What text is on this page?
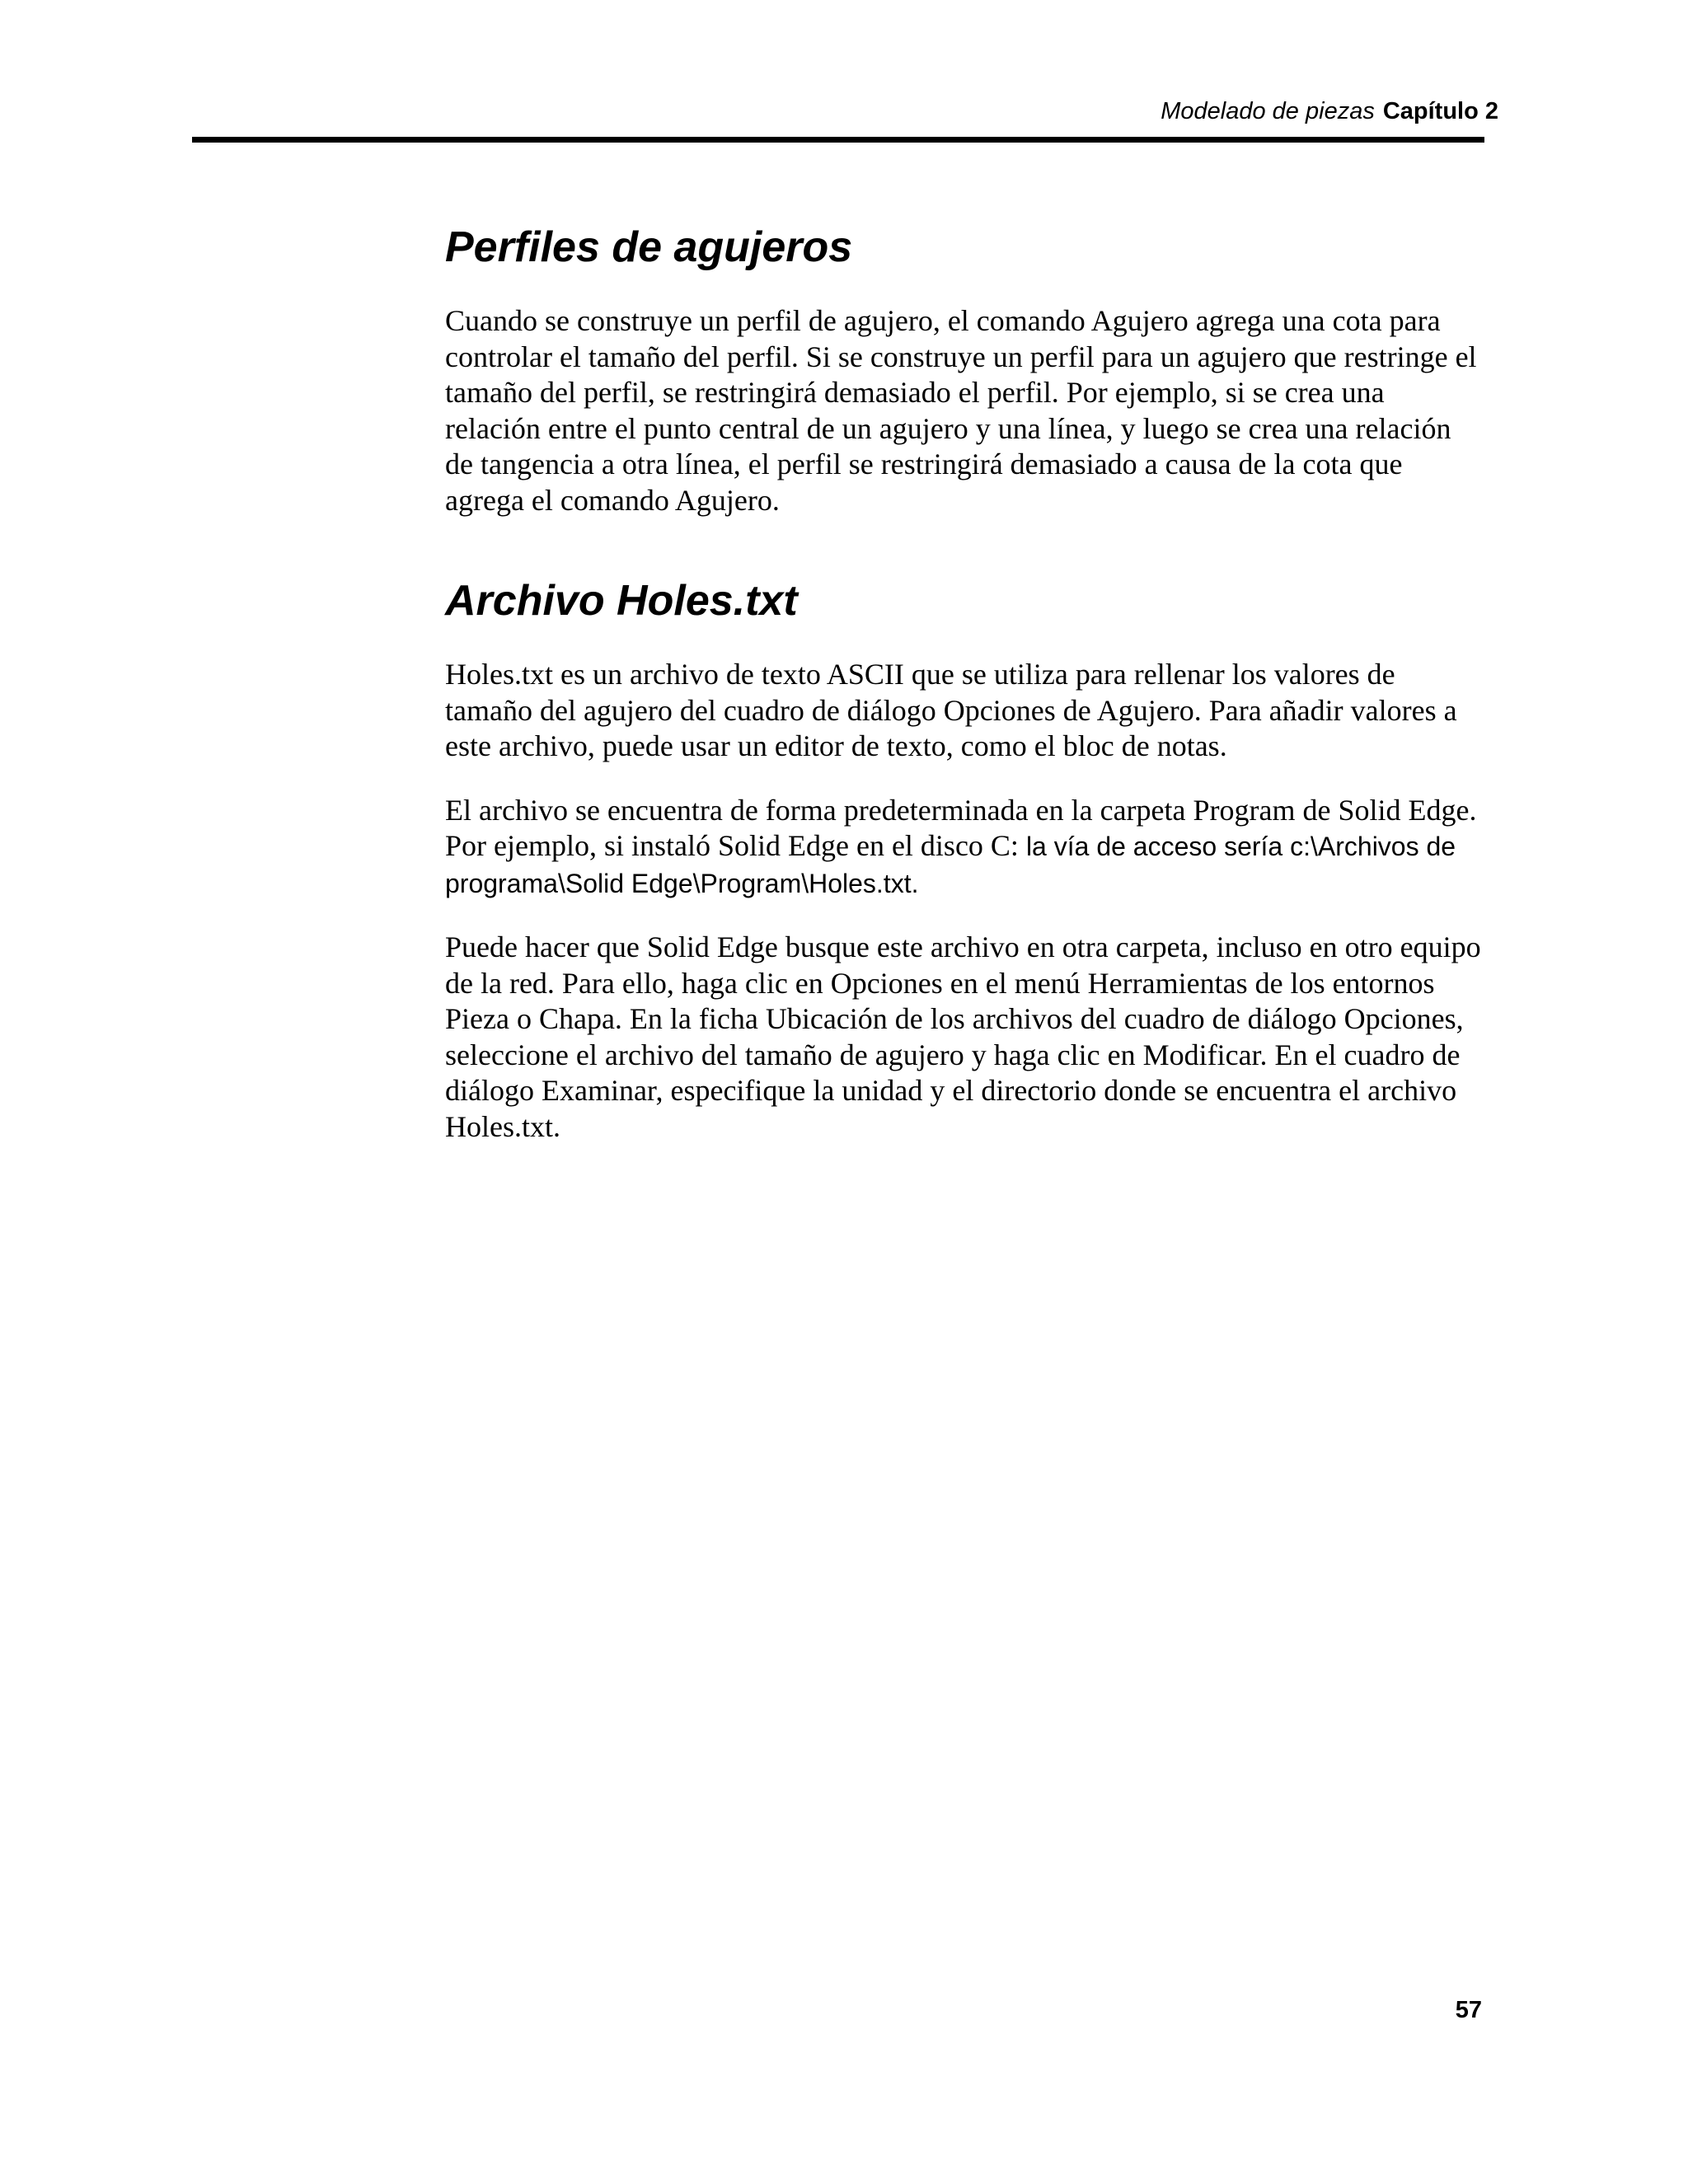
Modelado de piezas Capítulo 2
Perfiles de agujeros

Cuando se construye un perfil de agujero, el comando Agujero agrega una cota para controlar el tamaño del perfil. Si se construye un perfil para un agujero que restringe el tamaño del perfil, se restringirá demasiado el perfil. Por ejemplo, si se crea una relación entre el punto central de un agujero y una línea, y luego se crea una relación de tangencia a otra línea, el perfil se restringirá demasiado a causa de la cota que agrega el comando Agujero.

Archivo Holes.txt

Holes.txt es un archivo de texto ASCII que se utiliza para rellenar los valores de tamaño del agujero del cuadro de diálogo Opciones de Agujero. Para añadir valores a este archivo, puede usar un editor de texto, como el bloc de notas.

El archivo se encuentra de forma predeterminada en la carpeta Program de Solid Edge. Por ejemplo, si instaló Solid Edge en el disco C: la vía de acceso sería c:\Archivos de programa\Solid Edge\Program\Holes.txt.

Puede hacer que Solid Edge busque este archivo en otra carpeta, incluso en otro equipo de la red. Para ello, haga clic en Opciones en el menú Herramientas de los entornos Pieza o Chapa. En la ficha Ubicación de los archivos del cuadro de diálogo Opciones, seleccione el archivo del tamaño de agujero y haga clic en Modificar. En el cuadro de diálogo Examinar, especifique la unidad y el directorio donde se encuentra el archivo Holes.txt.

57
